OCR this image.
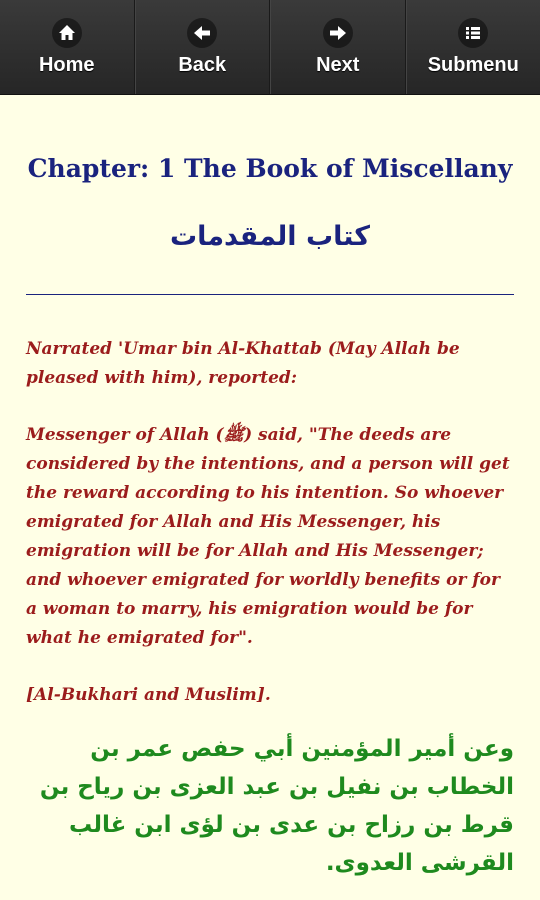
Home	Back	Next	Submenu
Chapter: 1 The Book of Miscellany
كتاب المقدمات
Narrated 'Umar bin Al-Khattab (May Allah be pleased with him), reported:
Messenger of Allah (ﷺ) said, "The deeds are considered by the intentions, and a person will get the reward according to his intention. So whoever emigrated for Allah and His Messenger, his emigration will be for Allah and His Messenger; and whoever emigrated for worldly benefits or for a woman to marry, his emigration would be for what he emigrated for".
[Al-Bukhari and Muslim].
وعن أمير المؤمنين أبي حفص عمر بن الخطاب بن نفيل بن عبد العزى بن رياح بن قرط بن رزاح بن عدى بن لؤى ابن غالب القرشى العدوى.
